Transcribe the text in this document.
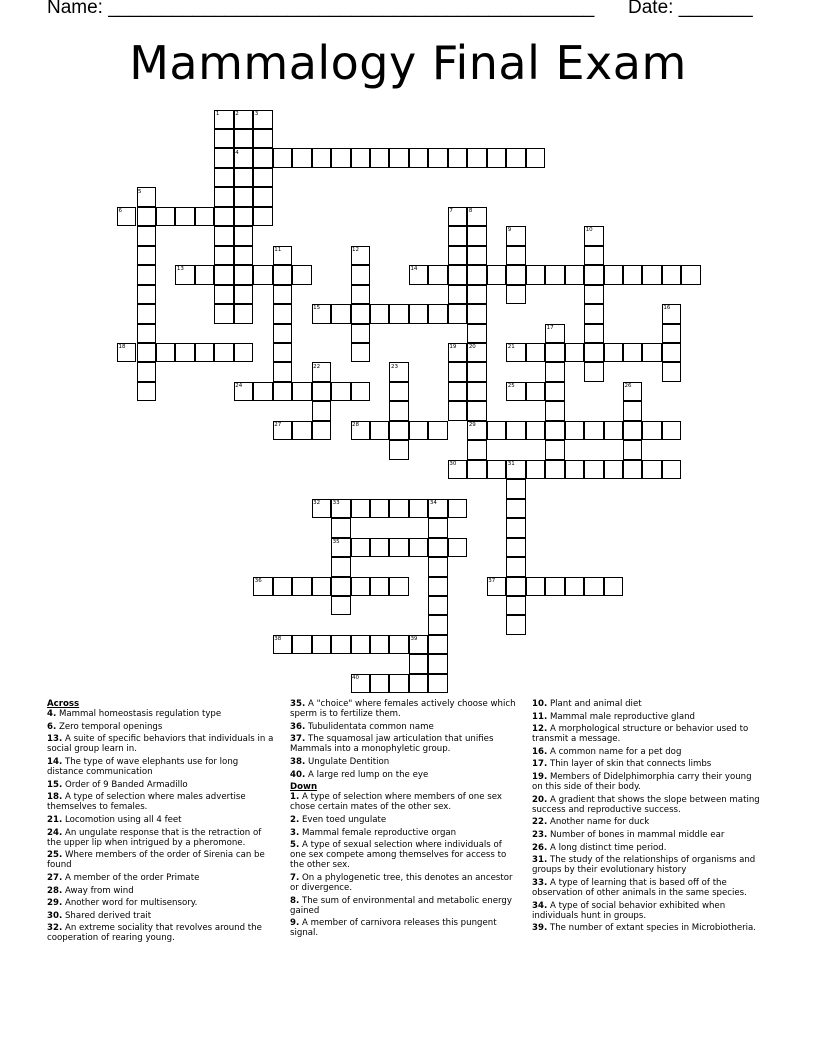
Name: ______________________________________________ Date: _______
Mammalogy Final Exam
1	2	3
4
5
6	7	8
9	10
11	12
13	14
15	16
17
18	19 20	21
22	23
24	25	26
27	28	29
30	31
32 33	34
35
36	37
38	39
40
Across
4. Mammal homeostasis regulation type
6. Zero temporal openings
13. A suite of specific behaviors that individuals in a social group learn in.
14. The type of wave elephants use for long distance communication
15. Order of 9 Banded Armadillo
18. A type of selection where males advertise themselves to females.
21. Locomotion using all 4 feet
24. An ungulate response that is the retraction of the upper lip when intrigued by a pheromone.
25. Where members of the order of Sirenia can be found
27. A member of the order Primate
28. Away from wind
29. Another word for multisensory.
30. Shared derived trait
32. An extreme sociality that revolves around the cooperation of rearing young.
35. A "choice" where females actively choose which sperm is to fertilize them.
36. Tubulidentata common name
37. The squamosal jaw articulation that unifies Mammals into a monophyletic group.
38. Ungulate Dentition
40. A large red lump on the eye
Down
1. A type of selection where members of one sex chose certain mates of the other sex.
2. Even toed ungulate
3. Mammal female reproductive organ
5. A type of sexual selection where individuals of one sex compete among themselves for access to the other sex.
7. On a phylogenetic tree, this denotes an ancestor or divergence.
8. The sum of environmental and metabolic energy gained
9. A member of carnivora releases this pungent signal.
10. Plant and animal diet
11. Mammal male reproductive gland
12. A morphological structure or behavior used to transmit a message.
16. A common name for a pet dog
17. Thin layer of skin that connects limbs
19. Members of Didelphimorphia carry their young on this side of their body.
20. A gradient that shows the slope between mating success and reproductive success.
22. Another name for duck
23. Number of bones in mammal middle ear
26. A long distinct time period.
31. The study of the relationships of organisms and groups by their evolutionary history
33. A type of learning that is based off of the observation of other animals in the same species.
34. A type of social behavior exhibited when individuals hunt in groups.
39. The number of extant species in Microbiotheria.
